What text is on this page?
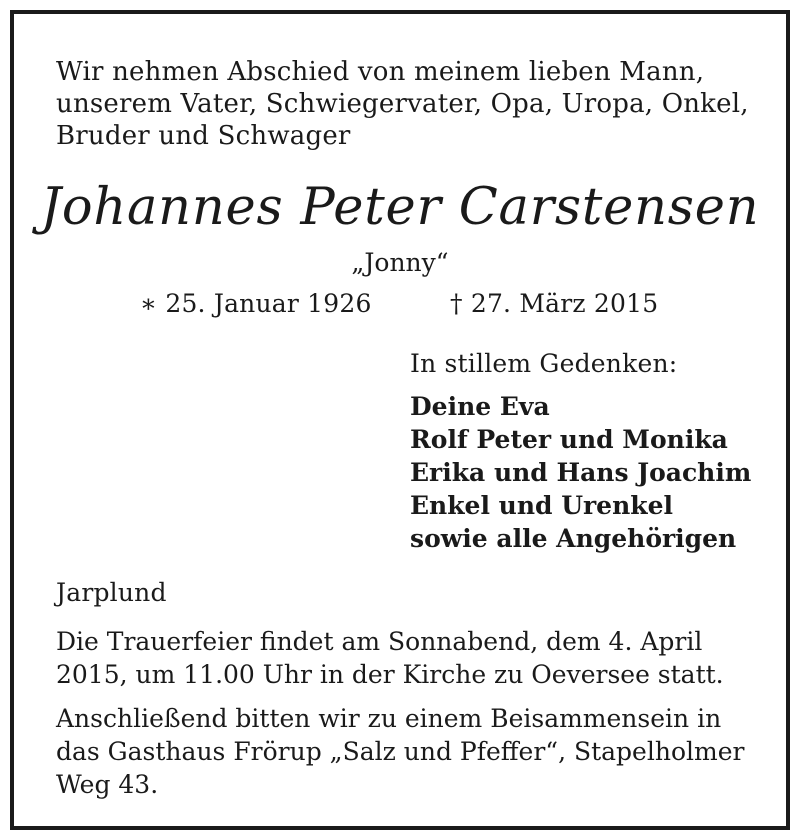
Wir nehmen Abschied von meinem lieben Mann,
unserem Vater, Schwiegervater, Opa, Uropa, Onkel,
Bruder und Schwager
Johannes Peter Carstensen
„Jonny“
∗ 25. Januar 1926	† 27. März 2015
In stillem Gedenken:
Deine Eva
Rolf Peter und Monika
Erika und Hans Joachim
Enkel und Urenkel
sowie alle Angehörigen
Jarplund
Die Trauerfeier findet am Sonnabend, dem 4. April
2015, um 11.00 Uhr in der Kirche zu Oeversee statt.
Anschließend bitten wir zu einem Beisammensein in
das Gasthaus Frörup „Salz und Pfeffer“, Stapelholmer
Weg 43.
